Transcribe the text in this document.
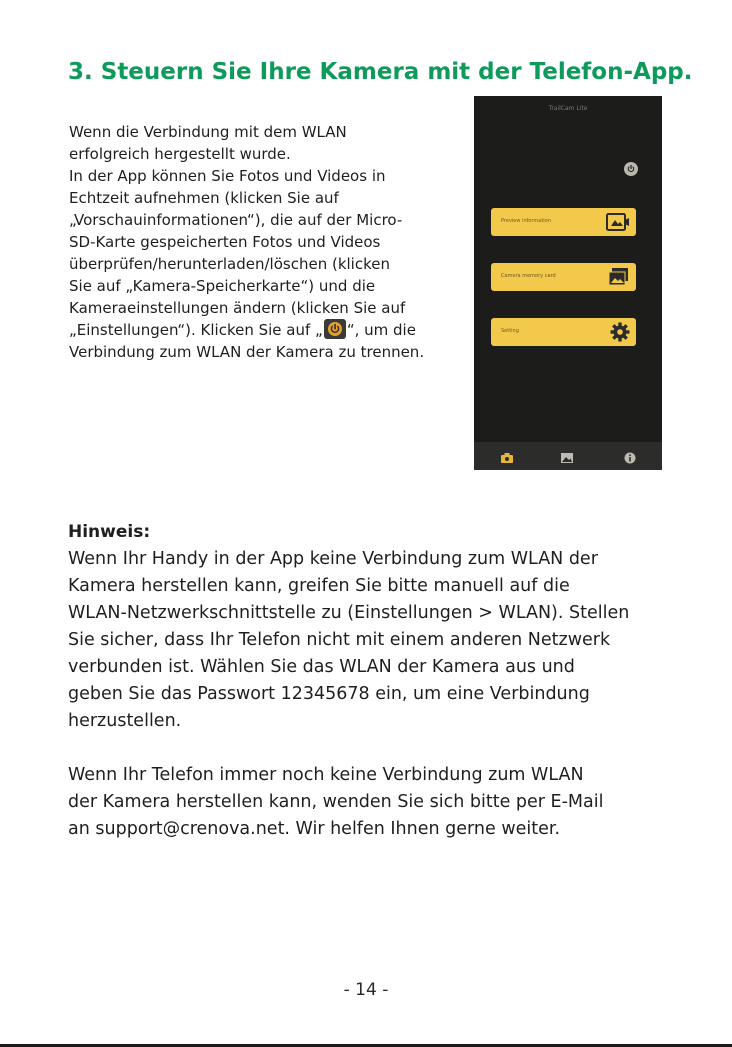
3. Steuern Sie Ihre Kamera mit der Telefon-App.
Wenn die Verbindung mit dem WLAN
erfolgreich hergestellt wurde.
In der App können Sie Fotos und Videos in
Echtzeit aufnehmen (klicken Sie auf
„Vorschauinformationen“), die auf der Micro-
SD-Karte gespeicherten Fotos und Videos
überprüfen/herunterladen/löschen (klicken
Sie auf „Kamera-Speicherkarte“) und die
Kameraeinstellungen ändern (klicken Sie auf
„Einstellungen“). Klicken Sie auf „ “, um die
Verbindung zum WLAN der Kamera zu trennen.
TrailCam Lite
Preview information
Camera memory card
Setting
Hinweis:
Wenn Ihr Handy in der App keine Verbindung zum WLAN der
Kamera herstellen kann, greifen Sie bitte manuell auf die
WLAN-Netzwerkschnittstelle zu (Einstellungen > WLAN). Stellen
Sie sicher, dass Ihr Telefon nicht mit einem anderen Netzwerk
verbunden ist. Wählen Sie das WLAN der Kamera aus und
geben Sie das Passwort 12345678 ein, um eine Verbindung
herzustellen.
Wenn Ihr Telefon immer noch keine Verbindung zum WLAN
der Kamera herstellen kann, wenden Sie sich bitte per E-Mail
an support@crenova.net. Wir helfen Ihnen gerne weiter.
- 14 -
